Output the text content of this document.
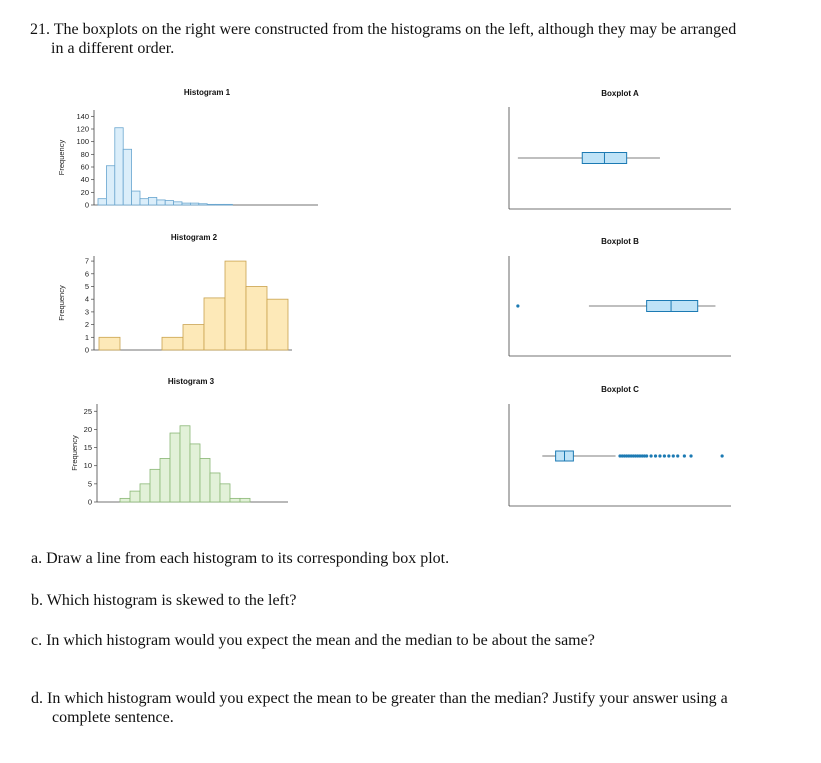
21. The boxplots on the right were constructed from the histograms on the left, although they may be arranged
in a different order.
Histogram 1
0
20
40
60
80
100
120
140
Frequency
Histogram 2
0
1
2
3
4
5
6
7
Frequency
Histogram 3
0
5
10
15
20
25
Frequency
Boxplot A
Boxplot B
Boxplot C
a. Draw a line from each histogram to its corresponding box plot.
b. Which histogram is skewed to the left?
c. In which histogram would you expect the mean and the median to be about the same?
d. In which histogram would you expect the mean to be greater than the median? Justify your answer using a
complete sentence.
